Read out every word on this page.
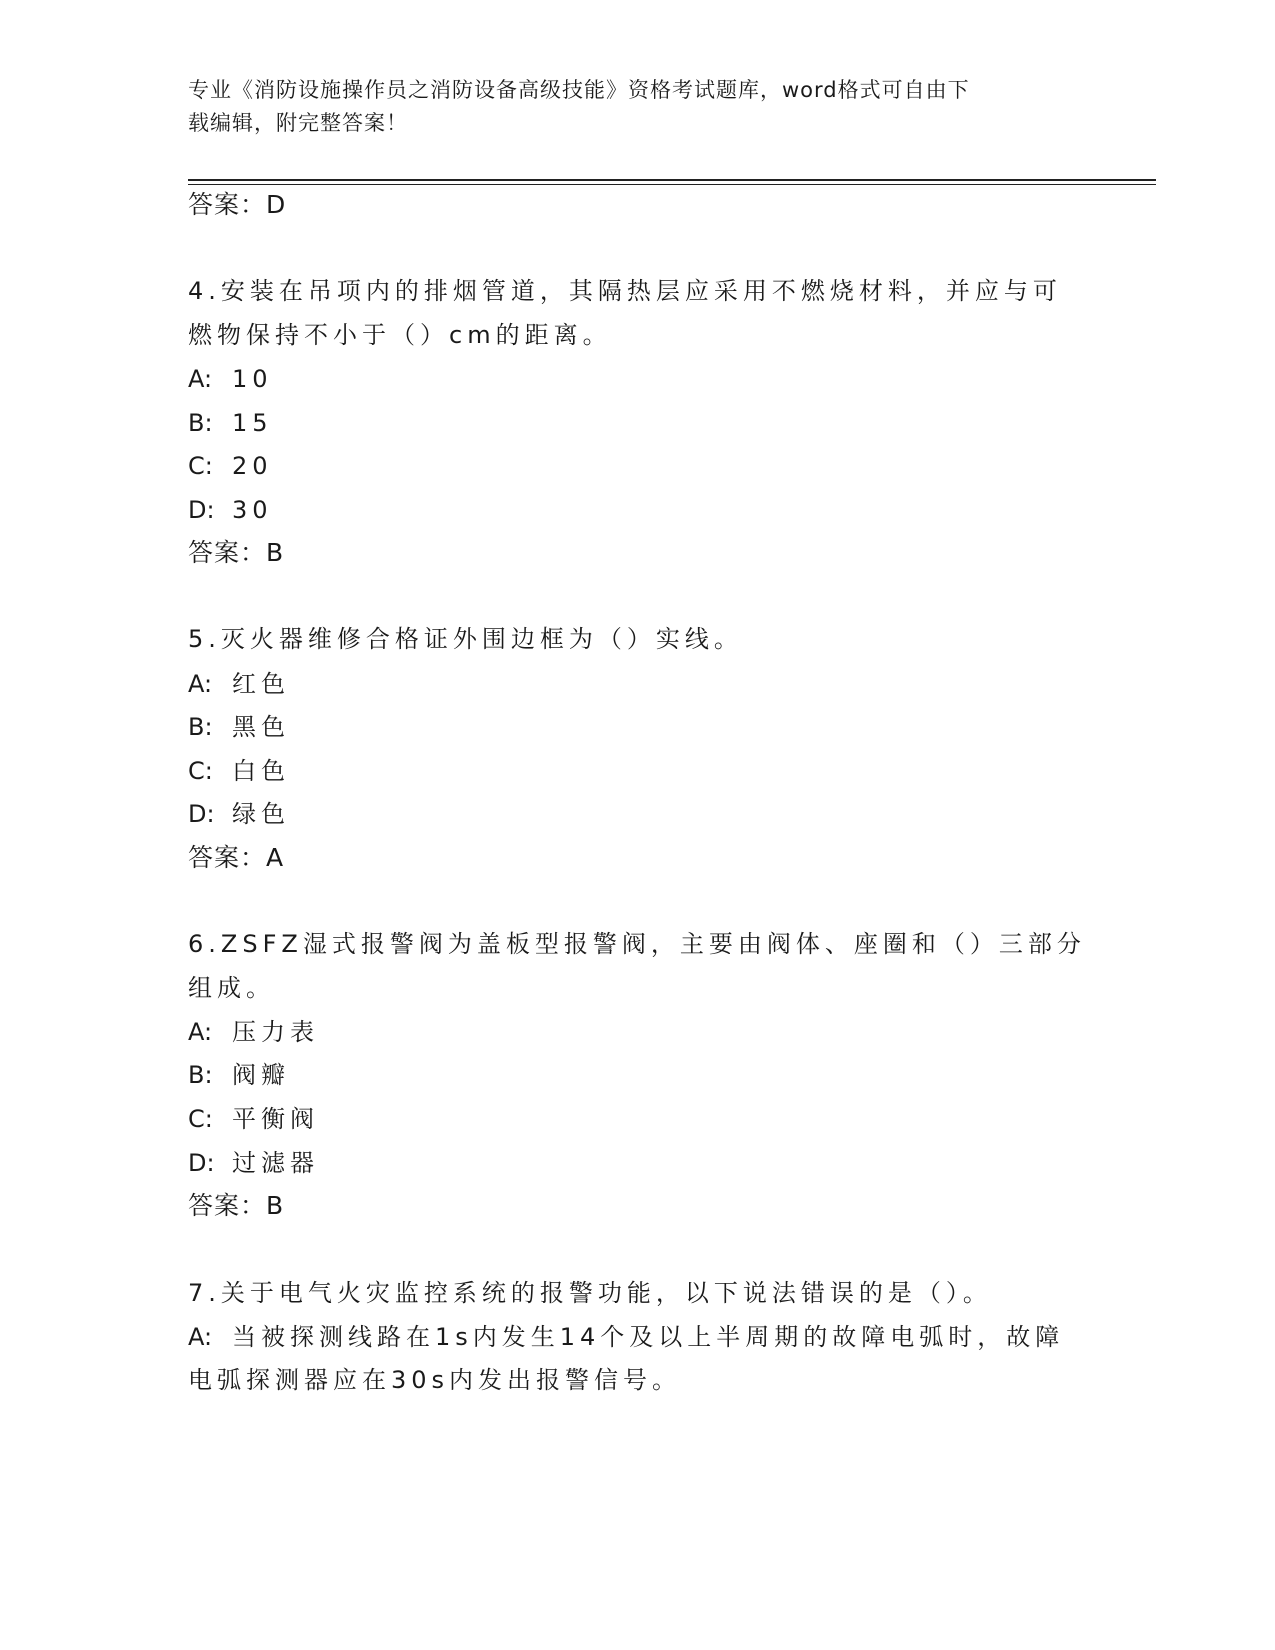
专业《消防设施操作员之消防设备高级技能》资格考试题库，word格式可自由下
载编辑，附完整答案！
答案：D
4.安装在吊项内的排烟管道，其隔热层应采用不燃烧材料，并应与可
燃物保持不小于（）cm的距离。
A: 10
B: 15
C: 20
D: 30
答案：B
5.灭火器维修合格证外围边框为（）实线。
A: 红色
B: 黑色
C: 白色
D: 绿色
答案：A
6.ZSFZ湿式报警阀为盖板型报警阀，主要由阀体、座圈和（）三部分
组成。
A: 压力表
B: 阀瓣
C: 平衡阀
D: 过滤器
答案：B
7.关于电气火灾监控系统的报警功能，以下说法错误的是（）。
A: 当被探测线路在1s内发生14个及以上半周期的故障电弧时，故障
电弧探测器应在30s内发出报警信号。
